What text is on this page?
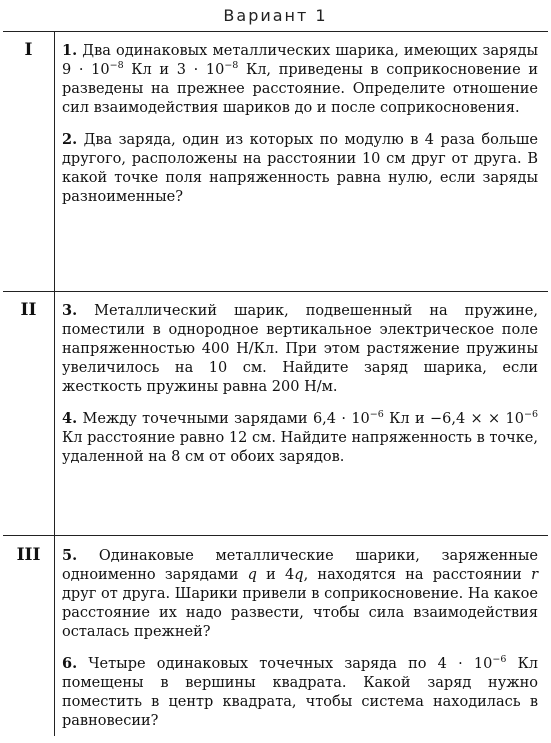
Вариант 1
I	1. Два одинаковых металлических шарика, имеющих заряды $9 \cdot 10^{-8}$ Кл и $3 \cdot 10^{-8}$ Кл, приведены в соприкосновение и разведены на прежнее расстояние. Определите отношение сил взаимодействия шариков до и после соприкосновения.

2. Два заряда, один из которых по модулю в 4 раза больше другого, расположены на расстоянии 10 см друг от друга. В какой точке поля напряженность равна нулю, если заряды разноименные?

II	3. Металлический шарик, подвешенный на пружине, поместили в однородное вертикальное электрическое поле напряженностью 400 Н/Кл. При этом растяжение пружины увеличилось на 10 см. Найдите заряд шарика, если жесткость пружины равна 200 Н/м.

4. Между точечными зарядами $6,4 \cdot 10^{-6}$ Кл и −6,4 × × $10^{-6}$ Кл расстояние равно 12 см. Найдите напряженность в точке, удаленной на 8 см от обоих зарядов.

III	5. Одинаковые металлические шарики, заряженные одноименно зарядами q и 4q, находятся на расстоянии r друг от друга. Шарики привели в соприкосновение. На какое расстояние их надо развести, чтобы сила взаимодействия осталась прежней?

6. Четыре одинаковых точечных заряда по $4 \cdot 10^{-6}$ Кл помещены в вершины квадрата. Какой заряд нужно поместить в центр квадрата, чтобы система находилась в равновесии?
